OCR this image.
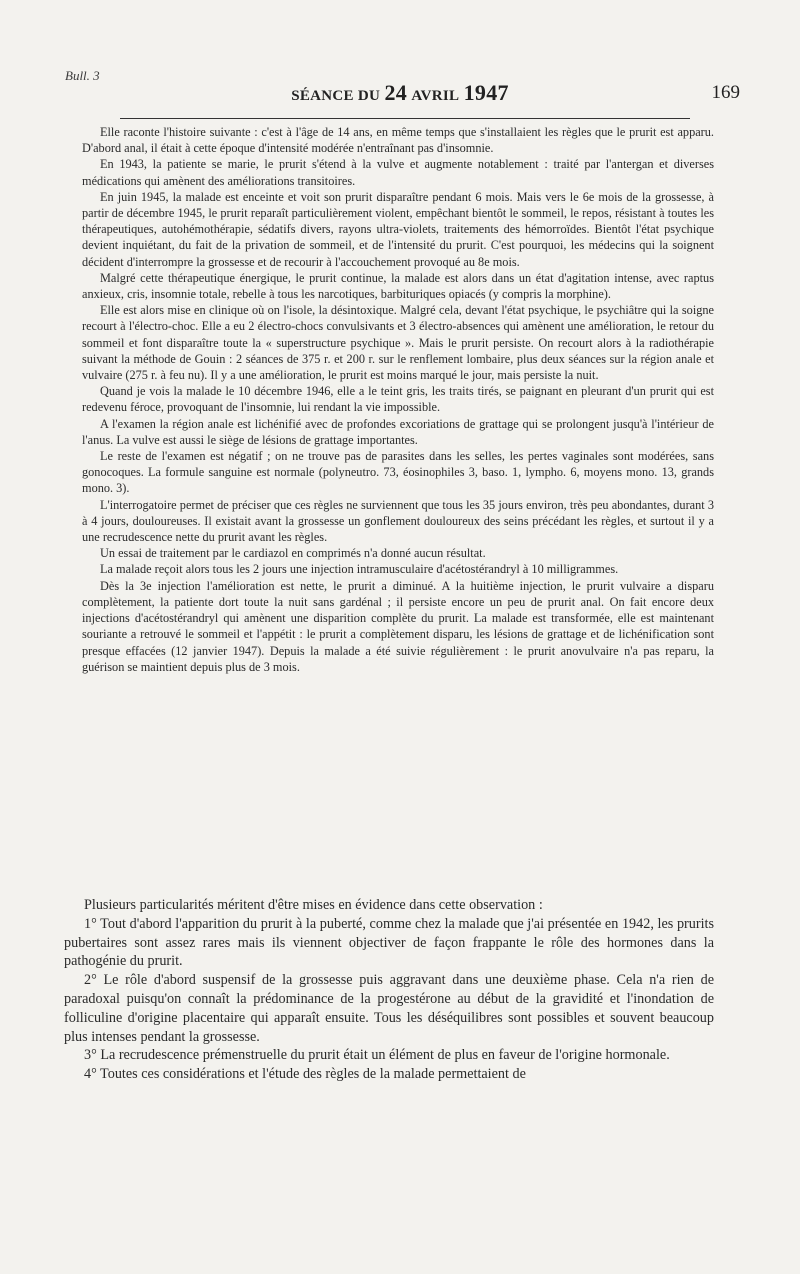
Bull. 3
SÉANCE DU 24 AVRIL 1947	169

Elle raconte l'histoire suivante : c'est à l'âge de 14 ans, en même temps que s'installaient les règles que le prurit est apparu. D'abord anal, il était à cette époque d'intensité modérée n'entraînant pas d'insomnie.

En 1943, la patiente se marie, le prurit s'étend à la vulve et augmente notablement : traité par l'antergan et diverses médications qui amènent des améliorations transitoires.

En juin 1945, la malade est enceinte et voit son prurit disparaître pendant 6 mois. Mais vers le 6e mois de la grossesse, à partir de décembre 1945, le prurit reparaît particulièrement violent, empêchant bientôt le sommeil, le repos, résistant à toutes les thérapeutiques, autohémothérapie, sédatifs divers, rayons ultra-violets, traitements des hémorroïdes. Bientôt l'état psychique devient inquiétant, du fait de la privation de sommeil, et de l'intensité du prurit. C'est pourquoi, les médecins qui la soignent décident d'interrompre la grossesse et de recourir à l'accouchement provoqué au 8e mois.

Malgré cette thérapeutique énergique, le prurit continue, la malade est alors dans un état d'agitation intense, avec raptus anxieux, cris, insomnie totale, rebelle à tous les narcotiques, barbituriques opiacés (y compris la morphine).

Elle est alors mise en clinique où on l'isole, la désintoxique. Malgré cela, devant l'état psychique, le psychiâtre qui la soigne recourt à l'électro-choc. Elle a eu 2 électro-chocs convulsivants et 3 électro-absences qui amènent une amélioration, le retour du sommeil et font disparaître toute la « superstructure psychique ». Mais le prurit persiste. On recourt alors à la radiothérapie suivant la méthode de Gouin : 2 séances de 375 r. et 200 r. sur le renflement lombaire, plus deux séances sur la région anale et vulvaire (275 r. à feu nu). Il y a une amélioration, le prurit est moins marqué le jour, mais persiste la nuit.

Quand je vois la malade le 10 décembre 1946, elle a le teint gris, les traits tirés, se paignant en pleurant d'un prurit qui est redevenu féroce, provoquant de l'insomnie, lui rendant la vie impossible.

A l'examen la région anale est lichénifié avec de profondes excoriations de grattage qui se prolongent jusqu'à l'intérieur de l'anus. La vulve est aussi le siège de lésions de grattage importantes.

Le reste de l'examen est négatif ; on ne trouve pas de parasites dans les selles, les pertes vaginales sont modérées, sans gonocoques. La formule sanguine est normale (polyneutro. 73, éosinophiles 3, baso. 1, lympho. 6, moyens mono. 13, grands mono. 3).

L'interrogatoire permet de préciser que ces règles ne surviennent que tous les 35 jours environ, très peu abondantes, durant 3 à 4 jours, douloureuses. Il existait avant la grossesse un gonflement douloureux des seins précédant les règles, et surtout il y a une recrudescence nette du prurit avant les règles.

Un essai de traitement par le cardiazol en comprimés n'a donné aucun résultat.

La malade reçoit alors tous les 2 jours une injection intramusculaire d'acétostérandryl à 10 milligrammes.

Dès la 3e injection l'amélioration est nette, le prurit a diminué. A la huitième injection, le prurit vulvaire a disparu complètement, la patiente dort toute la nuit sans gardénal ; il persiste encore un peu de prurit anal. On fait encore deux injections d'acétostérandryl qui amènent une disparition complète du prurit. La malade est transformée, elle est maintenant souriante a retrouvé le sommeil et l'appétit : le prurit a complètement disparu, les lésions de grattage et de lichénification sont presque effacées (12 janvier 1947). Depuis la malade a été suivie régulièrement : le prurit anovulvaire n'a pas reparu, la guérison se maintient depuis plus de 3 mois.

Plusieurs particularités méritent d'être mises en évidence dans cette observation :

1° Tout d'abord l'apparition du prurit à la puberté, comme chez la malade que j'ai présentée en 1942, les prurits pubertaires sont assez rares mais ils viennent objectiver de façon frappante le rôle des hormones dans la pathogénie du prurit.

2° Le rôle d'abord suspensif de la grossesse puis aggravant dans une deuxième phase. Cela n'a rien de paradoxal puisqu'on connaît la prédominance de la progestérone au début de la gravidité et l'inondation de folliculine d'origine placentaire qui apparaît ensuite. Tous les déséquilibres sont possibles et souvent beaucoup plus intenses pendant la grossesse.

3° La recrudescence prémenstruelle du prurit était un élément de plus en faveur de l'origine hormonale.

4° Toutes ces considérations et l'étude des règles de la malade permettaient de
